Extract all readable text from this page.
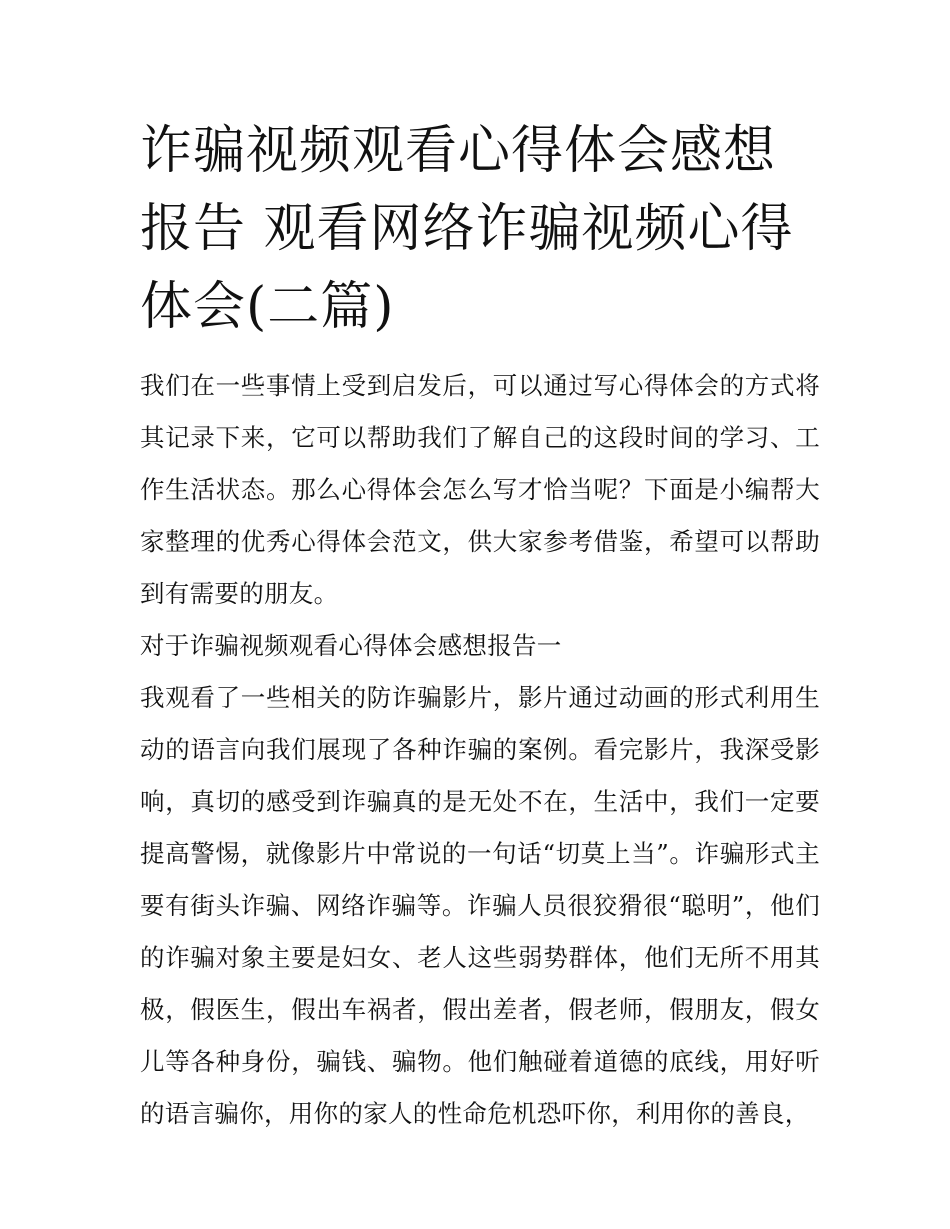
诈骗视频观看心得体会感想报告 观看网络诈骗视频心得体会(二篇)

我们在一些事情上受到启发后，可以通过写心得体会的方式将其记录下来，它可以帮助我们了解自己的这段时间的学习、工作生活状态。那么心得体会怎么写才恰当呢？下面是小编帮大家整理的优秀心得体会范文，供大家参考借鉴，希望可以帮助到有需要的朋友。

对于诈骗视频观看心得体会感想报告一

我观看了一些相关的防诈骗影片，影片通过动画的形式利用生动的语言向我们展现了各种诈骗的案例。看完影片，我深受影响，真切的感受到诈骗真的是无处不在，生活中，我们一定要提高警惕，就像影片中常说的一句话“切莫上当”。诈骗形式主要有街头诈骗、网络诈骗等。诈骗人员很狡猾很“聪明”，他们的诈骗对象主要是妇女、老人这些弱势群体，他们无所不用其极，假医生，假出车祸者，假出差者，假老师，假朋友，假女儿等各种身份，骗钱、骗物。他们触碰着道德的底线，用好听的语言骗你，用你的家人的性命危机恐吓你，利用你的善良，
